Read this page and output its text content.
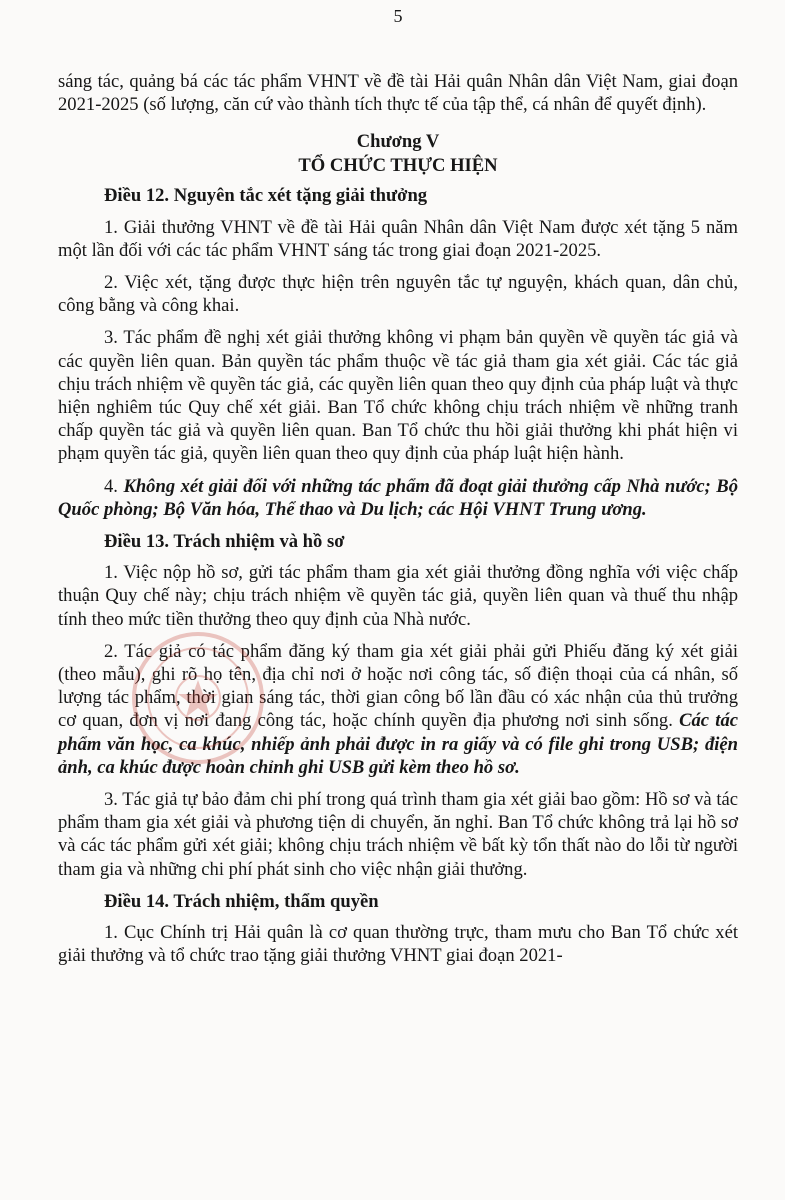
5

sáng tác, quảng bá các tác phẩm VHNT về đề tài Hải quân Nhân dân Việt Nam, giai đoạn 2021-2025 (số lượng, căn cứ vào thành tích thực tế của tập thể, cá nhân để quyết định).

Chương V
TỔ CHỨC THỰC HIỆN

Điều 12. Nguyên tắc xét tặng giải thưởng

1. Giải thưởng VHNT về đề tài Hải quân Nhân dân Việt Nam được xét tặng 5 năm một lần đối với các tác phẩm VHNT sáng tác trong giai đoạn 2021-2025.

2. Việc xét, tặng được thực hiện trên nguyên tắc tự nguyện, khách quan, dân chủ, công bằng và công khai.

3. Tác phẩm đề nghị xét giải thưởng không vi phạm bản quyền về quyền tác giả và các quyền liên quan. Bản quyền tác phẩm thuộc về tác giả tham gia xét giải. Các tác giả chịu trách nhiệm về quyền tác giả, các quyền liên quan theo quy định của pháp luật và thực hiện nghiêm túc Quy chế xét giải. Ban Tổ chức không chịu trách nhiệm về những tranh chấp quyền tác giả và quyền liên quan. Ban Tổ chức thu hồi giải thưởng khi phát hiện vi phạm quyền tác giả, quyền liên quan theo quy định của pháp luật hiện hành.

4. Không xét giải đối với những tác phẩm đã đoạt giải thưởng cấp Nhà nước; Bộ Quốc phòng; Bộ Văn hóa, Thể thao và Du lịch; các Hội VHNT Trung ương.

Điều 13. Trách nhiệm và hồ sơ

1. Việc nộp hồ sơ, gửi tác phẩm tham gia xét giải thưởng đồng nghĩa với việc chấp thuận Quy chế này; chịu trách nhiệm về quyền tác giả, quyền liên quan và thuế thu nhập tính theo mức tiền thưởng theo quy định của Nhà nước.

2. Tác giả có tác phẩm đăng ký tham gia xét giải phải gửi Phiếu đăng ký xét giải (theo mẫu), ghi rõ họ tên, địa chỉ nơi ở hoặc nơi công tác, số điện thoại của cá nhân, số lượng tác phẩm, thời gian sáng tác, thời gian công bố lần đầu có xác nhận của thủ trưởng cơ quan, đơn vị nơi đang công tác, hoặc chính quyền địa phương nơi sinh sống. Các tác phẩm văn học, ca khúc, nhiếp ảnh phải được in ra giấy và có file ghi trong USB; điện ảnh, ca khúc được hoàn chỉnh ghi USB gửi kèm theo hồ sơ.

3. Tác giả tự bảo đảm chi phí trong quá trình tham gia xét giải bao gồm: Hồ sơ và tác phẩm tham gia xét giải và phương tiện di chuyển, ăn nghỉ. Ban Tổ chức không trả lại hồ sơ và các tác phẩm gửi xét giải; không chịu trách nhiệm về bất kỳ tổn thất nào do lỗi từ người tham gia và những chi phí phát sinh cho việc nhận giải thưởng.

Điều 14. Trách nhiệm, thẩm quyền

1. Cục Chính trị Hải quân là cơ quan thường trực, tham mưu cho Ban Tổ chức xét giải thưởng và tổ chức trao tặng giải thưởng VHNT giai đoạn 2021-
